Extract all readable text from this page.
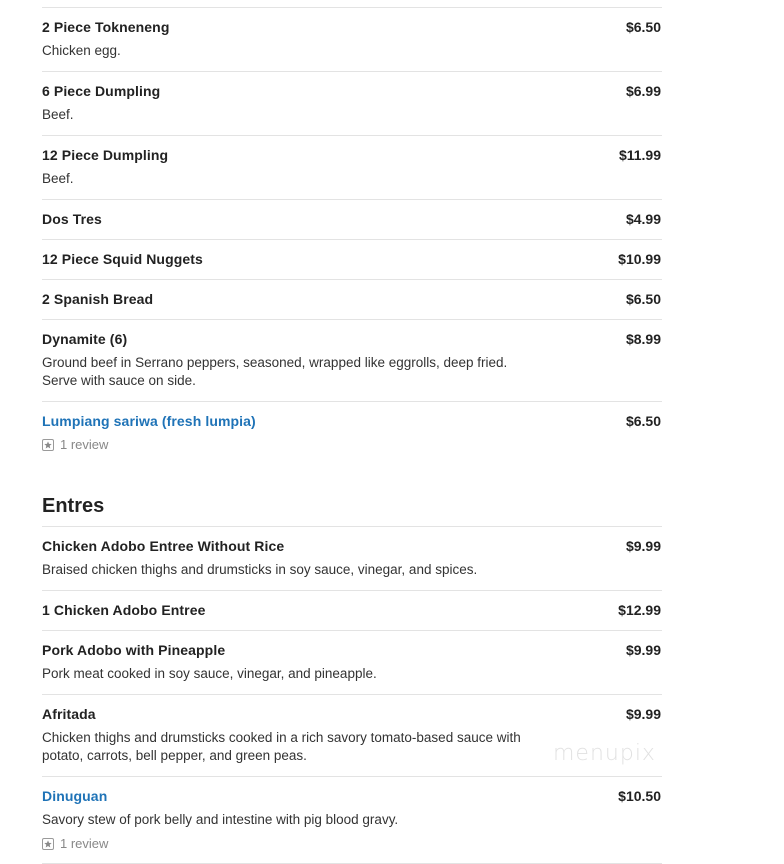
2 Piece Tokneneng	$6.50
Chicken egg.
6 Piece Dumpling	$6.99
Beef.
12 Piece Dumpling	$11.99
Beef.
Dos Tres	$4.99
12 Piece Squid Nuggets	$10.99
2 Spanish Bread	$6.50
Dynamite (6)	$8.99
Ground beef in Serrano peppers, seasoned, wrapped like eggrolls, deep fried. Serve with sauce on side.
Lumpiang sariwa (fresh lumpia)	$6.50
1 review
Entres
Chicken Adobo Entree Without Rice	$9.99
Braised chicken thighs and drumsticks in soy sauce, vinegar, and spices.
1 Chicken Adobo Entree	$12.99
Pork Adobo with Pineapple	$9.99
Pork meat cooked in soy sauce, vinegar, and pineapple.
Afritada	$9.99
Chicken thighs and drumsticks cooked in a rich savory tomato-based sauce with potato, carrots, bell pepper, and green peas.
Dinuguan	$10.50
Savory stew of pork belly and intestine with pig blood gravy.
1 review
menupix
